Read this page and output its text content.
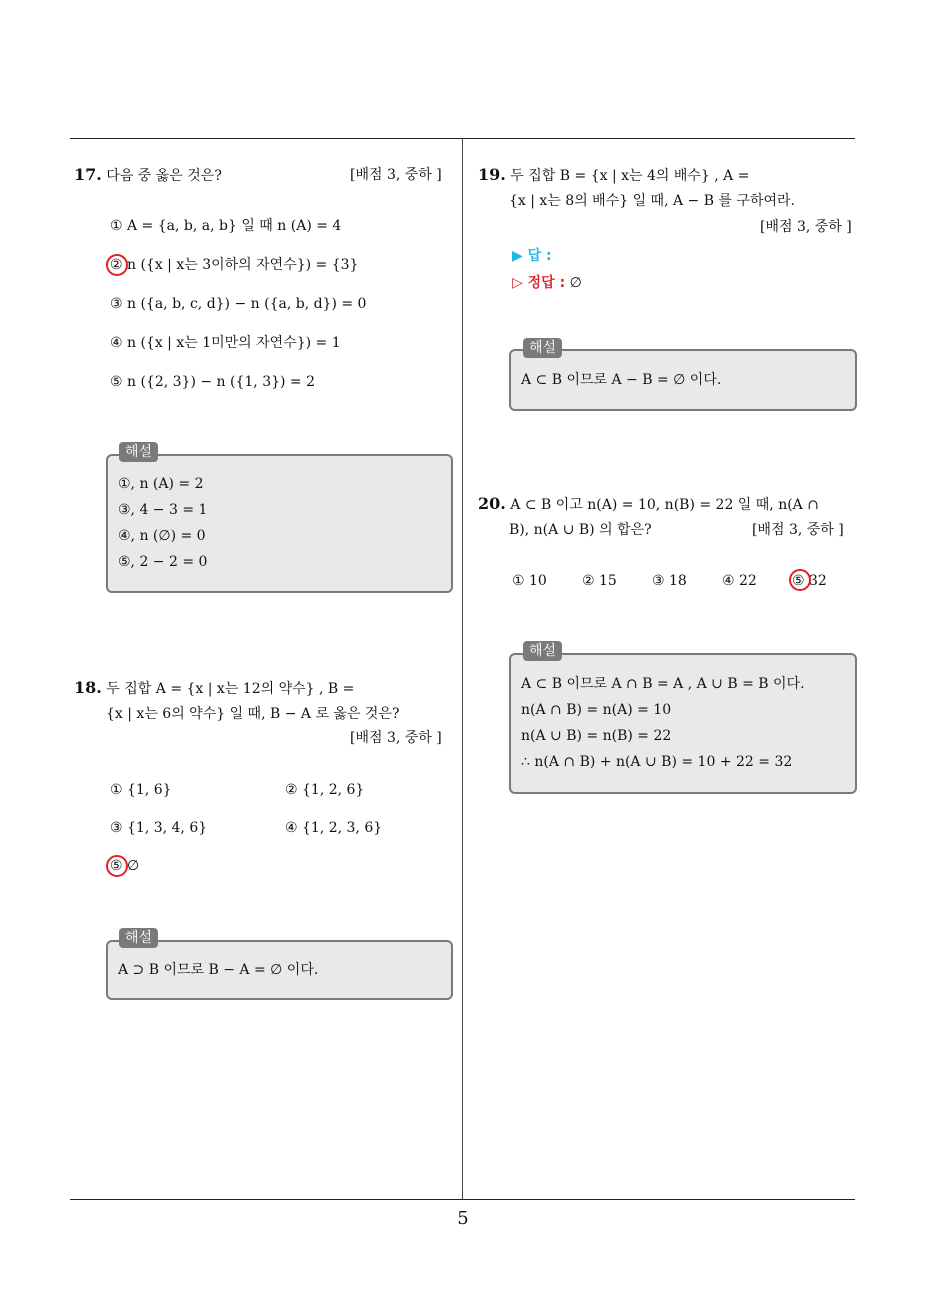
17. 다음 중 옳은 것은?	[배점 3, 중하 ]
① A = {a, b, a, b} 일 때 n (A) = 4
② n ({x | x는 3이하의 자연수}) = {3}
③ n ({a, b, c, d}) − n ({a, b, d}) = 0
④ n ({x | x는 1미만의 자연수}) = 1
⑤ n ({2, 3}) − n ({1, 3}) = 2
해설
①, n (A) = 2
③, 4 − 3 = 1
④, n (∅) = 0
⑤, 2 − 2 = 0
18. 두 집합 A = {x | x는 12의 약수} , B =
{x | x는 6의 약수} 일 때, B − A 로 옳은 것은?
[배점 3, 중하 ]
① {1, 6}	② {1, 2, 6}
③ {1, 3, 4, 6}	④ {1, 2, 3, 6}
⑤ ∅
해설
A ⊃ B 이므로 B − A = ∅ 이다.
19. 두 집합 B = {x | x는 4의 배수} , A =
{x | x는 8의 배수} 일 때, A − B 를 구하여라.
[배점 3, 중하 ]
▶ 답 :
▷ 정답 : ∅
해설
A ⊂ B 이므로 A − B = ∅ 이다.
20. A ⊂ B 이고 n(A) = 10, n(B) = 22 일 때, n(A ∩
B), n(A ∪ B) 의 합은?	[배점 3, 중하 ]
① 10	② 15	③ 18	④ 22	⑤ 32
해설
A ⊂ B 이므로 A ∩ B = A , A ∪ B = B 이다.
n(A ∩ B) = n(A) = 10
n(A ∪ B) = n(B) = 22
∴ n(A ∩ B) + n(A ∪ B) = 10 + 22 = 32
5
